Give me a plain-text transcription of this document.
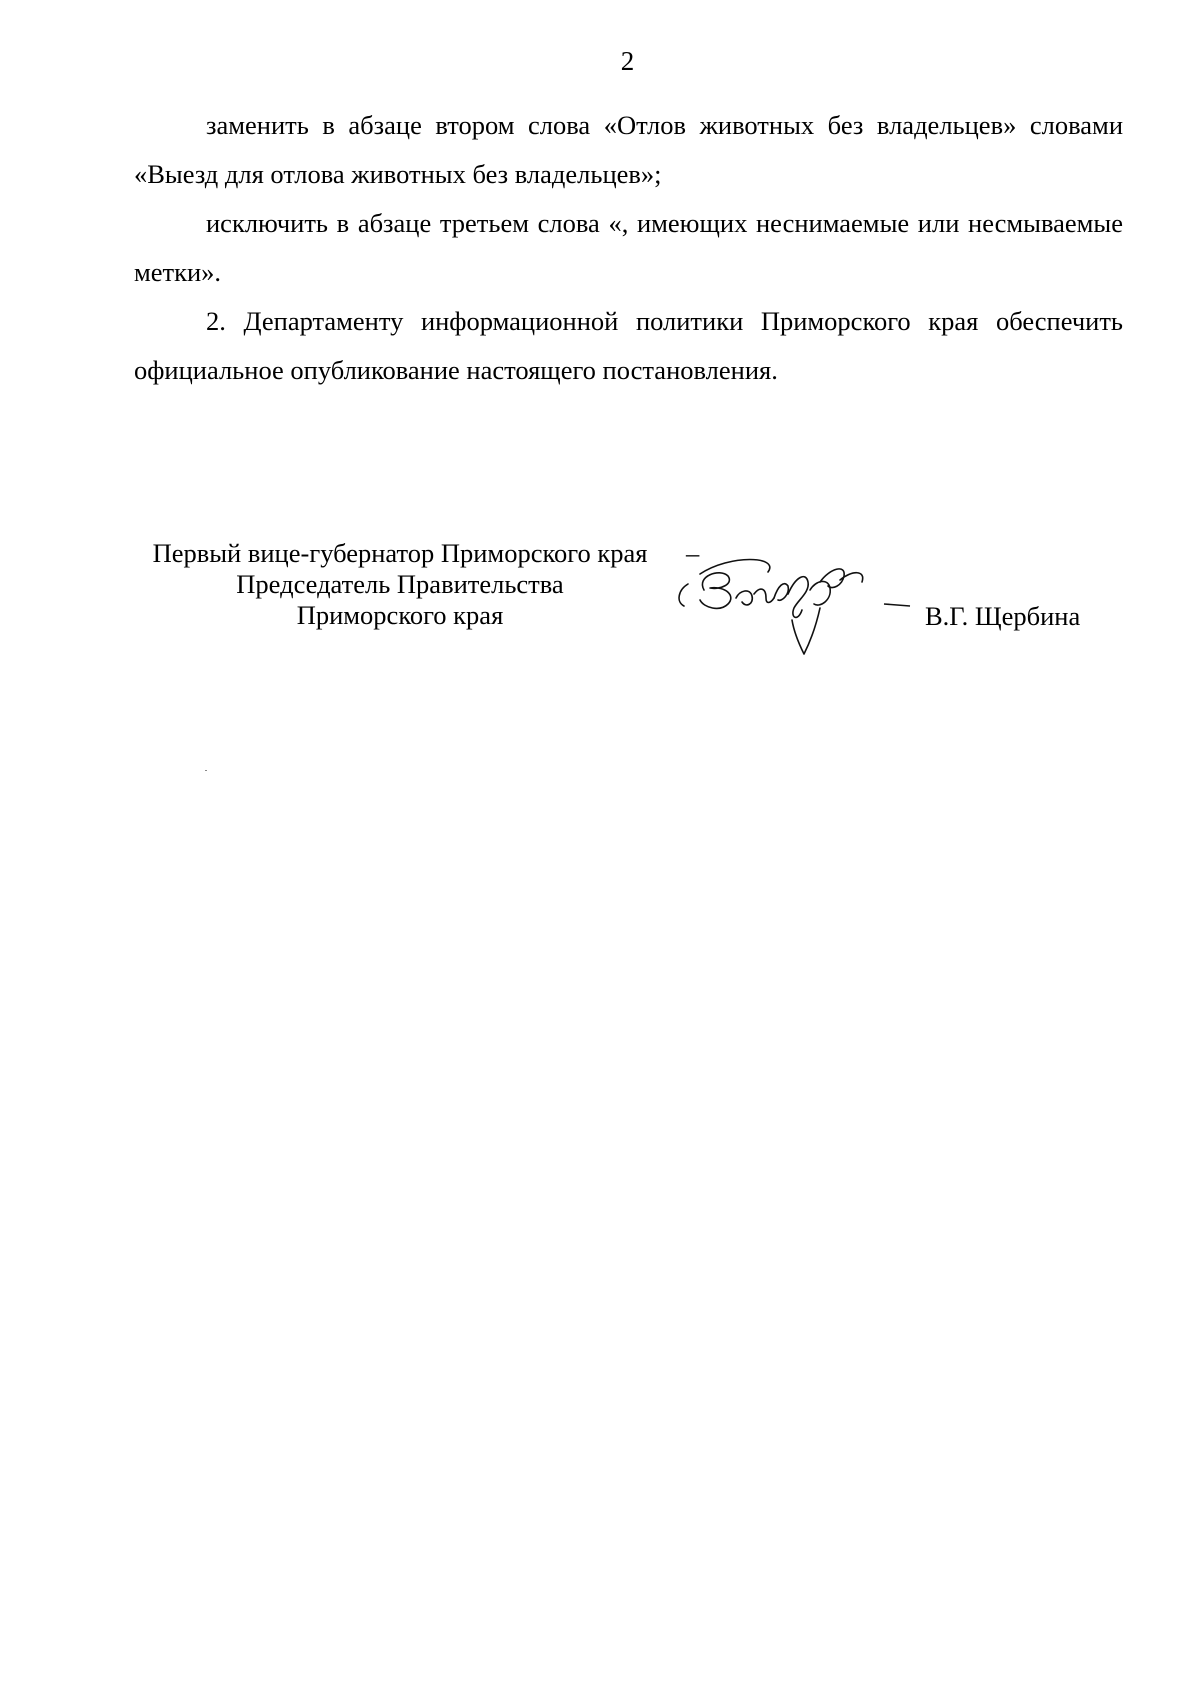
2

заменить в абзаце втором слова «Отлов животных без владельцев» словами «Выезд для отлова животных без владельцев»;

исключить в абзаце третьем слова «, имеющих неснимаемые или несмываемые метки».

2. Департаменту информационной политики Приморского края обеспечить официальное опубликование настоящего постановления.

Первый вице-губернатор Приморского края
Председатель Правительства
Приморского края
–
В.Г. Щербина
